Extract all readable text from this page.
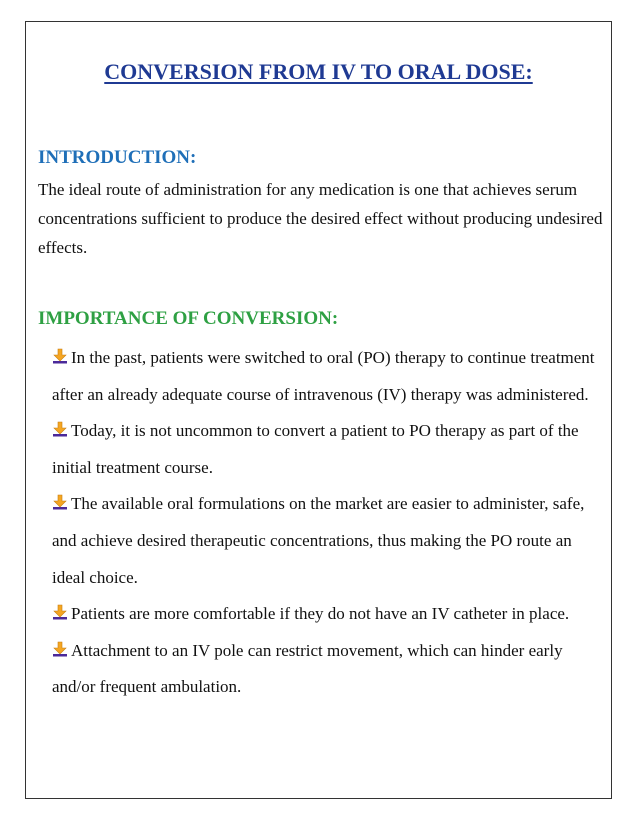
CONVERSION FROM IV TO ORAL DOSE:
INTRODUCTION:

The ideal route of administration for any medication is one that achieves serum concentrations sufficient to produce the desired effect without producing undesired effects.

IMPORTANCE OF CONVERSION:
In the past, patients were switched to oral (PO) therapy to continue treatment after an already adequate course of intravenous (IV) therapy was administered.
Today, it is not uncommon to convert a patient to PO therapy as part of the initial treatment course.
The available oral formulations on the market are easier to administer, safe, and achieve desired therapeutic concentrations, thus making the PO route an ideal choice.
Patients are more comfortable if they do not have an IV catheter in place.
Attachment to an IV pole can restrict movement, which can hinder early and/or frequent ambulation.
